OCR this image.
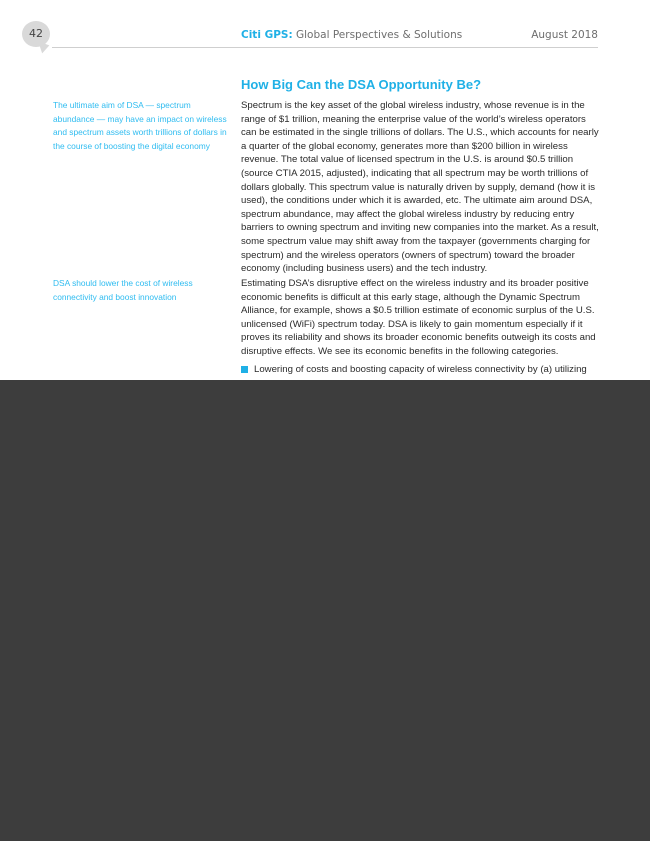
42	Citi GPS: Global Perspectives & Solutions	August 2018
How Big Can the DSA Opportunity Be?
The ultimate aim of DSA — spectrum abundance — may have an impact on wireless and spectrum assets worth trillions of dollars in the course of boosting the digital economy
DSA should lower the cost of wireless connectivity and boost innovation
Spectrum is the key asset of the global wireless industry, whose revenue is in the range of $1 trillion, meaning the enterprise value of the world’s wireless operators can be estimated in the single trillions of dollars. The U.S., which accounts for nearly a quarter of the global economy, generates more than $200 billion in wireless revenue. The total value of licensed spectrum in the U.S. is around $0.5 trillion (source CTIA 2015, adjusted), indicating that all spectrum may be worth trillions of dollars globally. This spectrum value is naturally driven by supply, demand (how it is used), the conditions under which it is awarded, etc. The ultimate aim around DSA, spectrum abundance, may affect the global wireless industry by reducing entry barriers to owning spectrum and inviting new companies into the market. As a result, some spectrum value may shift away from the taxpayer (governments charging for spectrum) and the wireless operators (owners of spectrum) toward the broader economy (including business users) and the tech industry.
Estimating DSA’s disruptive effect on the wireless industry and its broader positive economic benefits is difficult at this early stage, although the Dynamic Spectrum Alliance, for example, shows a $0.5 trillion estimate of economic surplus of the U.S. unlicensed (WiFi) spectrum today. DSA is likely to gain momentum especially if it proves its reliability and shows its broader economic benefits outweigh its costs and disruptive effects. We see its economic benefits in the following categories.
Lowering of costs and boosting capacity of wireless connectivity by (a) utilizing
